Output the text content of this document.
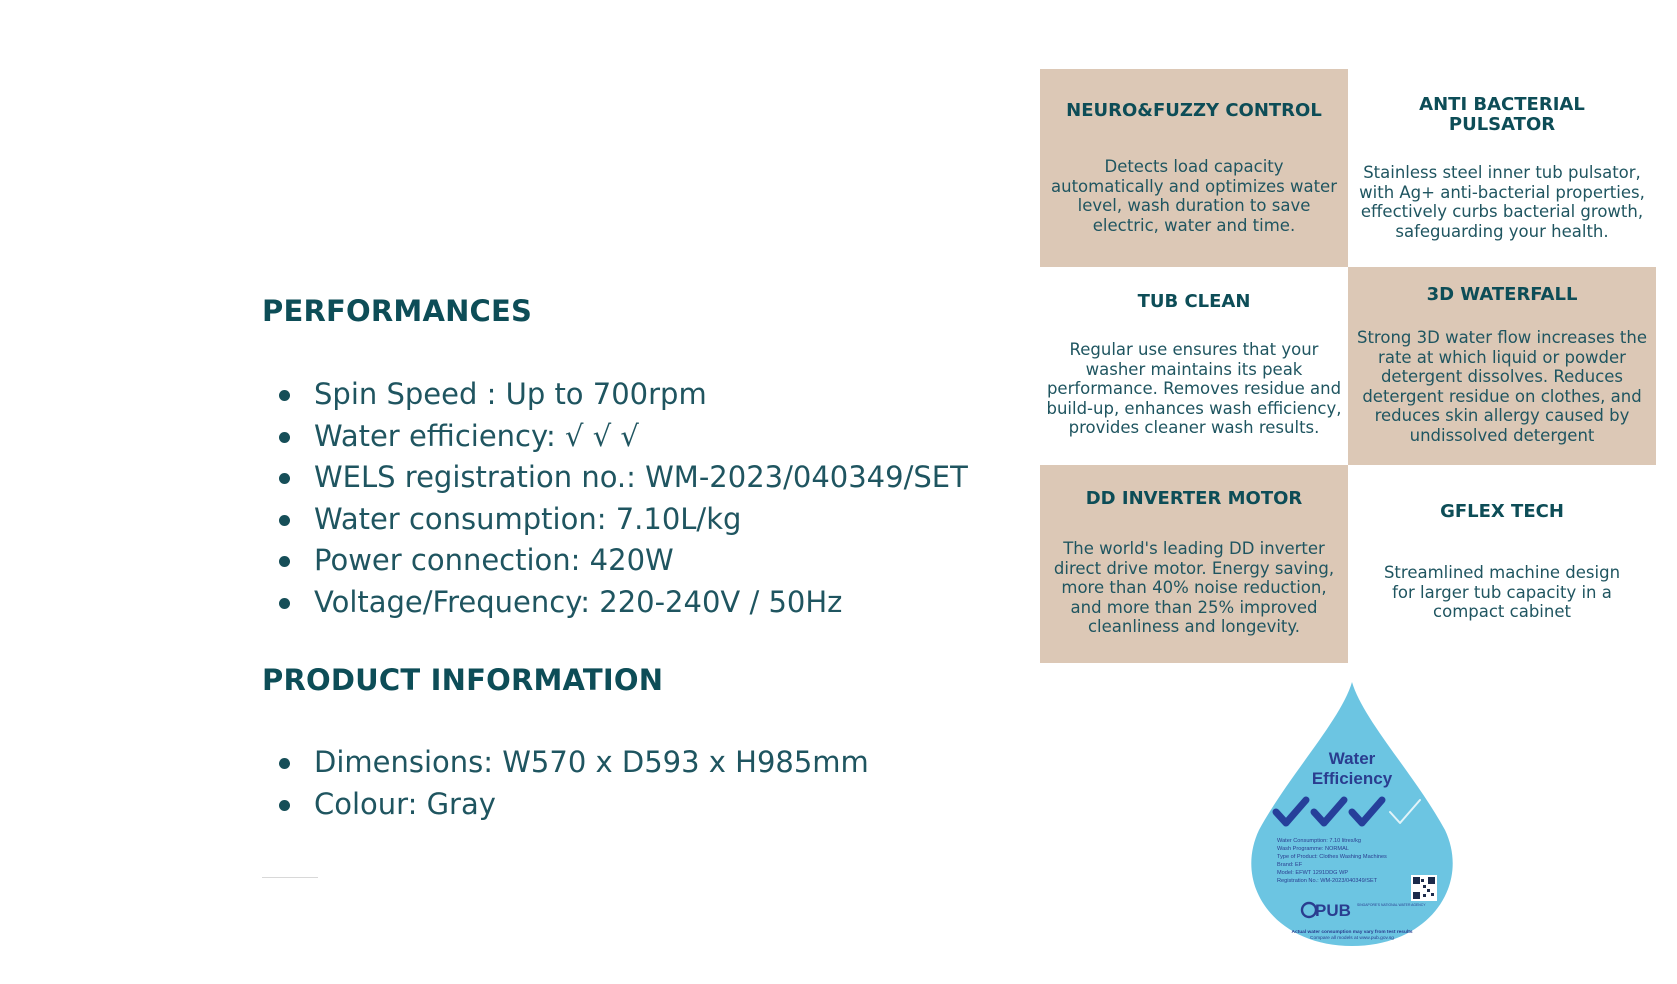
PERFORMANCES
Spin Speed : Up to 700rpm
Water efficiency: √ √ √
WELS registration no.: WM-2023/040349/SET
Water consumption: 7.10L/kg
Power connection: 420W
Voltage/Frequency: 220-240V / 50Hz
PRODUCT INFORMATION
Dimensions: W570 x D593 x H985mm
Colour: Gray
NEURO&FUZZY CONTROL
Detects load capacity automatically and optimizes water level, wash duration to save electric, water and time.
ANTI BACTERIAL PULSATOR
Stainless steel inner tub pulsator, with Ag+ anti-bacterial properties, effectively curbs bacterial growth, safeguarding your health.
TUB CLEAN
Regular use ensures that your washer maintains its peak performance. Removes residue and build-up, enhances wash efficiency, provides cleaner wash results.
3D WATERFALL
Strong 3D water flow increases the rate at which liquid or powder detergent dissolves. Reduces detergent residue on clothes, and reduces skin allergy caused by undissolved detergent
DD INVERTER MOTOR
The world's leading DD inverter direct drive motor. Energy saving, more than 40% noise reduction, and more than 25% improved cleanliness and longevity.
GFLEX TECH
Streamlined machine design for larger tub capacity in a compact cabinet
Water
Efficiency
Water Consumption: 7.10 litres/kg
Wash Programme: NORMAL
Type of Product: Clothes Washing Machines
Brand: EF
Model: EFWT 1291DDG WP
Registration No.: WM-2023/040349/SET
PUB SINGAPORE'S NATIONAL WATER AGENCY
Actual water consumption may vary from test results
Compare all models at www.pub.gov.sg
